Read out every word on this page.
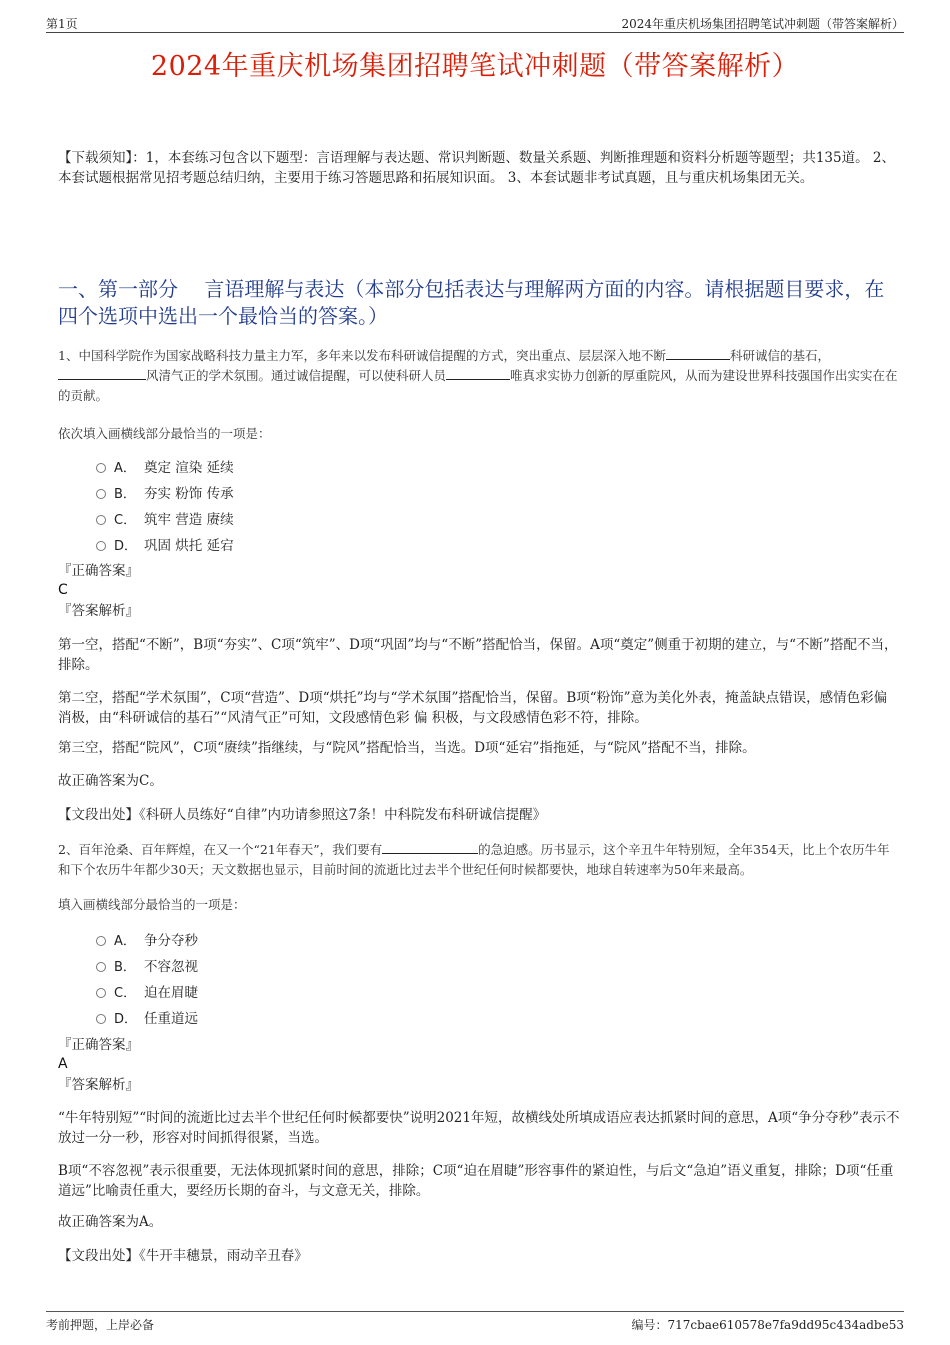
第1页	2024年重庆机场集团招聘笔试冲刺题（带答案解析）
2024年重庆机场集团招聘笔试冲刺题（带答案解析）
【下载须知】：1，本套练习包含以下题型：言语理解与表达题、常识判断题、数量关系题、判断推理题和资料分析题等题型；共135道。 2、本套试题根据常见招考题总结归纳，主要用于练习答题思路和拓展知识面。 3、本套试题非考试真题，且与重庆机场集团无关。
一、第一部分　 言语理解与表达（本部分包括表达与理解两方面的内容。请根据题目要求，在四个选项中选出一个最恰当的答案。）
1、中国科学院作为国家战略科技力量主力军，多年来以发布科研诚信提醒的方式，突出重点、层层深入地不断	科研诚信的基石，风清气正的学术氛围。通过诚信提醒，可以使科研人员	唯真求实协力创新的厚重院风，从而为建设世界科技强国作出实实在在的贡献。
依次填入画横线部分最恰当的一项是：
A． 奠定 渲染 延续
B． 夯实 粉饰 传承
C． 筑牢 营造 赓续
D． 巩固 烘托 延宕
『正确答案』
C
『答案解析』
第一空，搭配“不断”，B项“夯实”、C项“筑牢”、D项“巩固”均与“不断”搭配恰当，保留。A项“奠定”侧重于初期的建立，与“不断”搭配不当，排除。
第二空，搭配“学术氛围”，C项“营造”、D项“烘托”均与“学术氛围”搭配恰当，保留。B项“粉饰”意为美化外表，掩盖缺点错误，感情色彩偏消极，由“科研诚信的基石”“风清气正”可知，文段感情色彩 偏 积极，与文段感情色彩不符，排除。
第三空，搭配“院风”，C项“赓续”指继续，与“院风”搭配恰当，当选。D项“延宕”指拖延，与“院风”搭配不当，排除。
故正确答案为C。
【文段出处】《科研人员练好“自律”内功请参照这7条！中科院发布科研诚信提醒》
2、百年沧桑、百年辉煌，在又一个“21年春天”，我们要有	的急迫感。历书显示，这个辛丑牛年特别短，全年354天，比上个农历牛年和下个农历牛年都少30天；天文数据也显示，目前时间的流逝比过去半个世纪任何时候都要快，地球自转速率为50年来最高。
填入画横线部分最恰当的一项是：
A． 争分夺秒
B． 不容忽视
C． 迫在眉睫
D． 任重道远
『正确答案』
A
『答案解析』
“牛年特别短”“时间的流逝比过去半个世纪任何时候都要快”说明2021年短，故横线处所填成语应表达抓紧时间的意思，A项“争分夺秒”表示不放过一分一秒，形容对时间抓得很紧，当选。
B项“不容忽视”表示很重要，无法体现抓紧时间的意思，排除；C项“迫在眉睫”形容事件的紧迫性，与后文“急迫”语义重复，排除；D项“任重道远”比喻责任重大，要经历长期的奋斗，与文意无关，排除。
故正确答案为A。
【文段出处】《牛开丰穗景，雨动辛丑春》
考前押题，上岸必备	编号：717cbae610578e7fa9dd95c434adbe53
